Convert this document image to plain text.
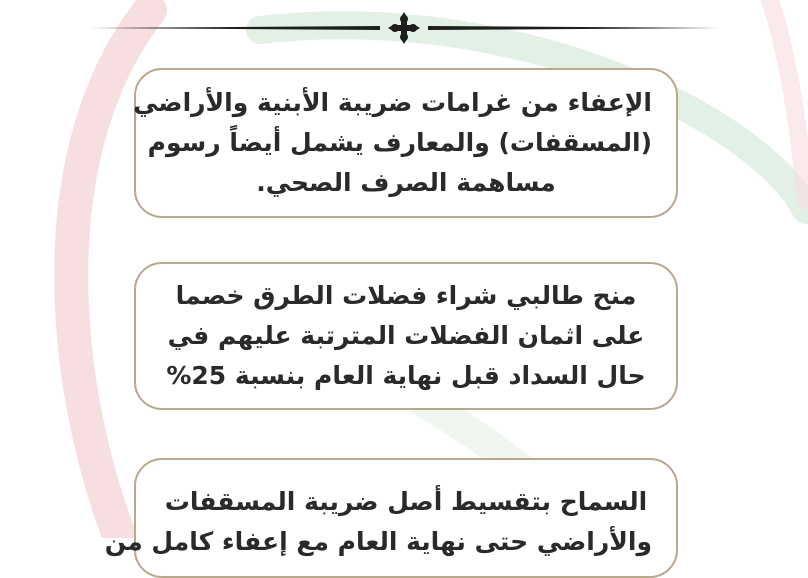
الإعفاء من غرامات ضريبة الأبنية والأراضي
(المسقفات) والمعارف يشمل أيضاً رسوم
مساهمة الصرف الصحي.
منح طالبي شراء فضلات الطرق خصما
على اثمان الفضلات المترتبة عليهم في
حال السداد قبل نهاية العام بنسبة 25%
السماح بتقسيط أصل ضريبة المسقفات
والأراضي حتى نهاية العام مع إعفاء كامل من
